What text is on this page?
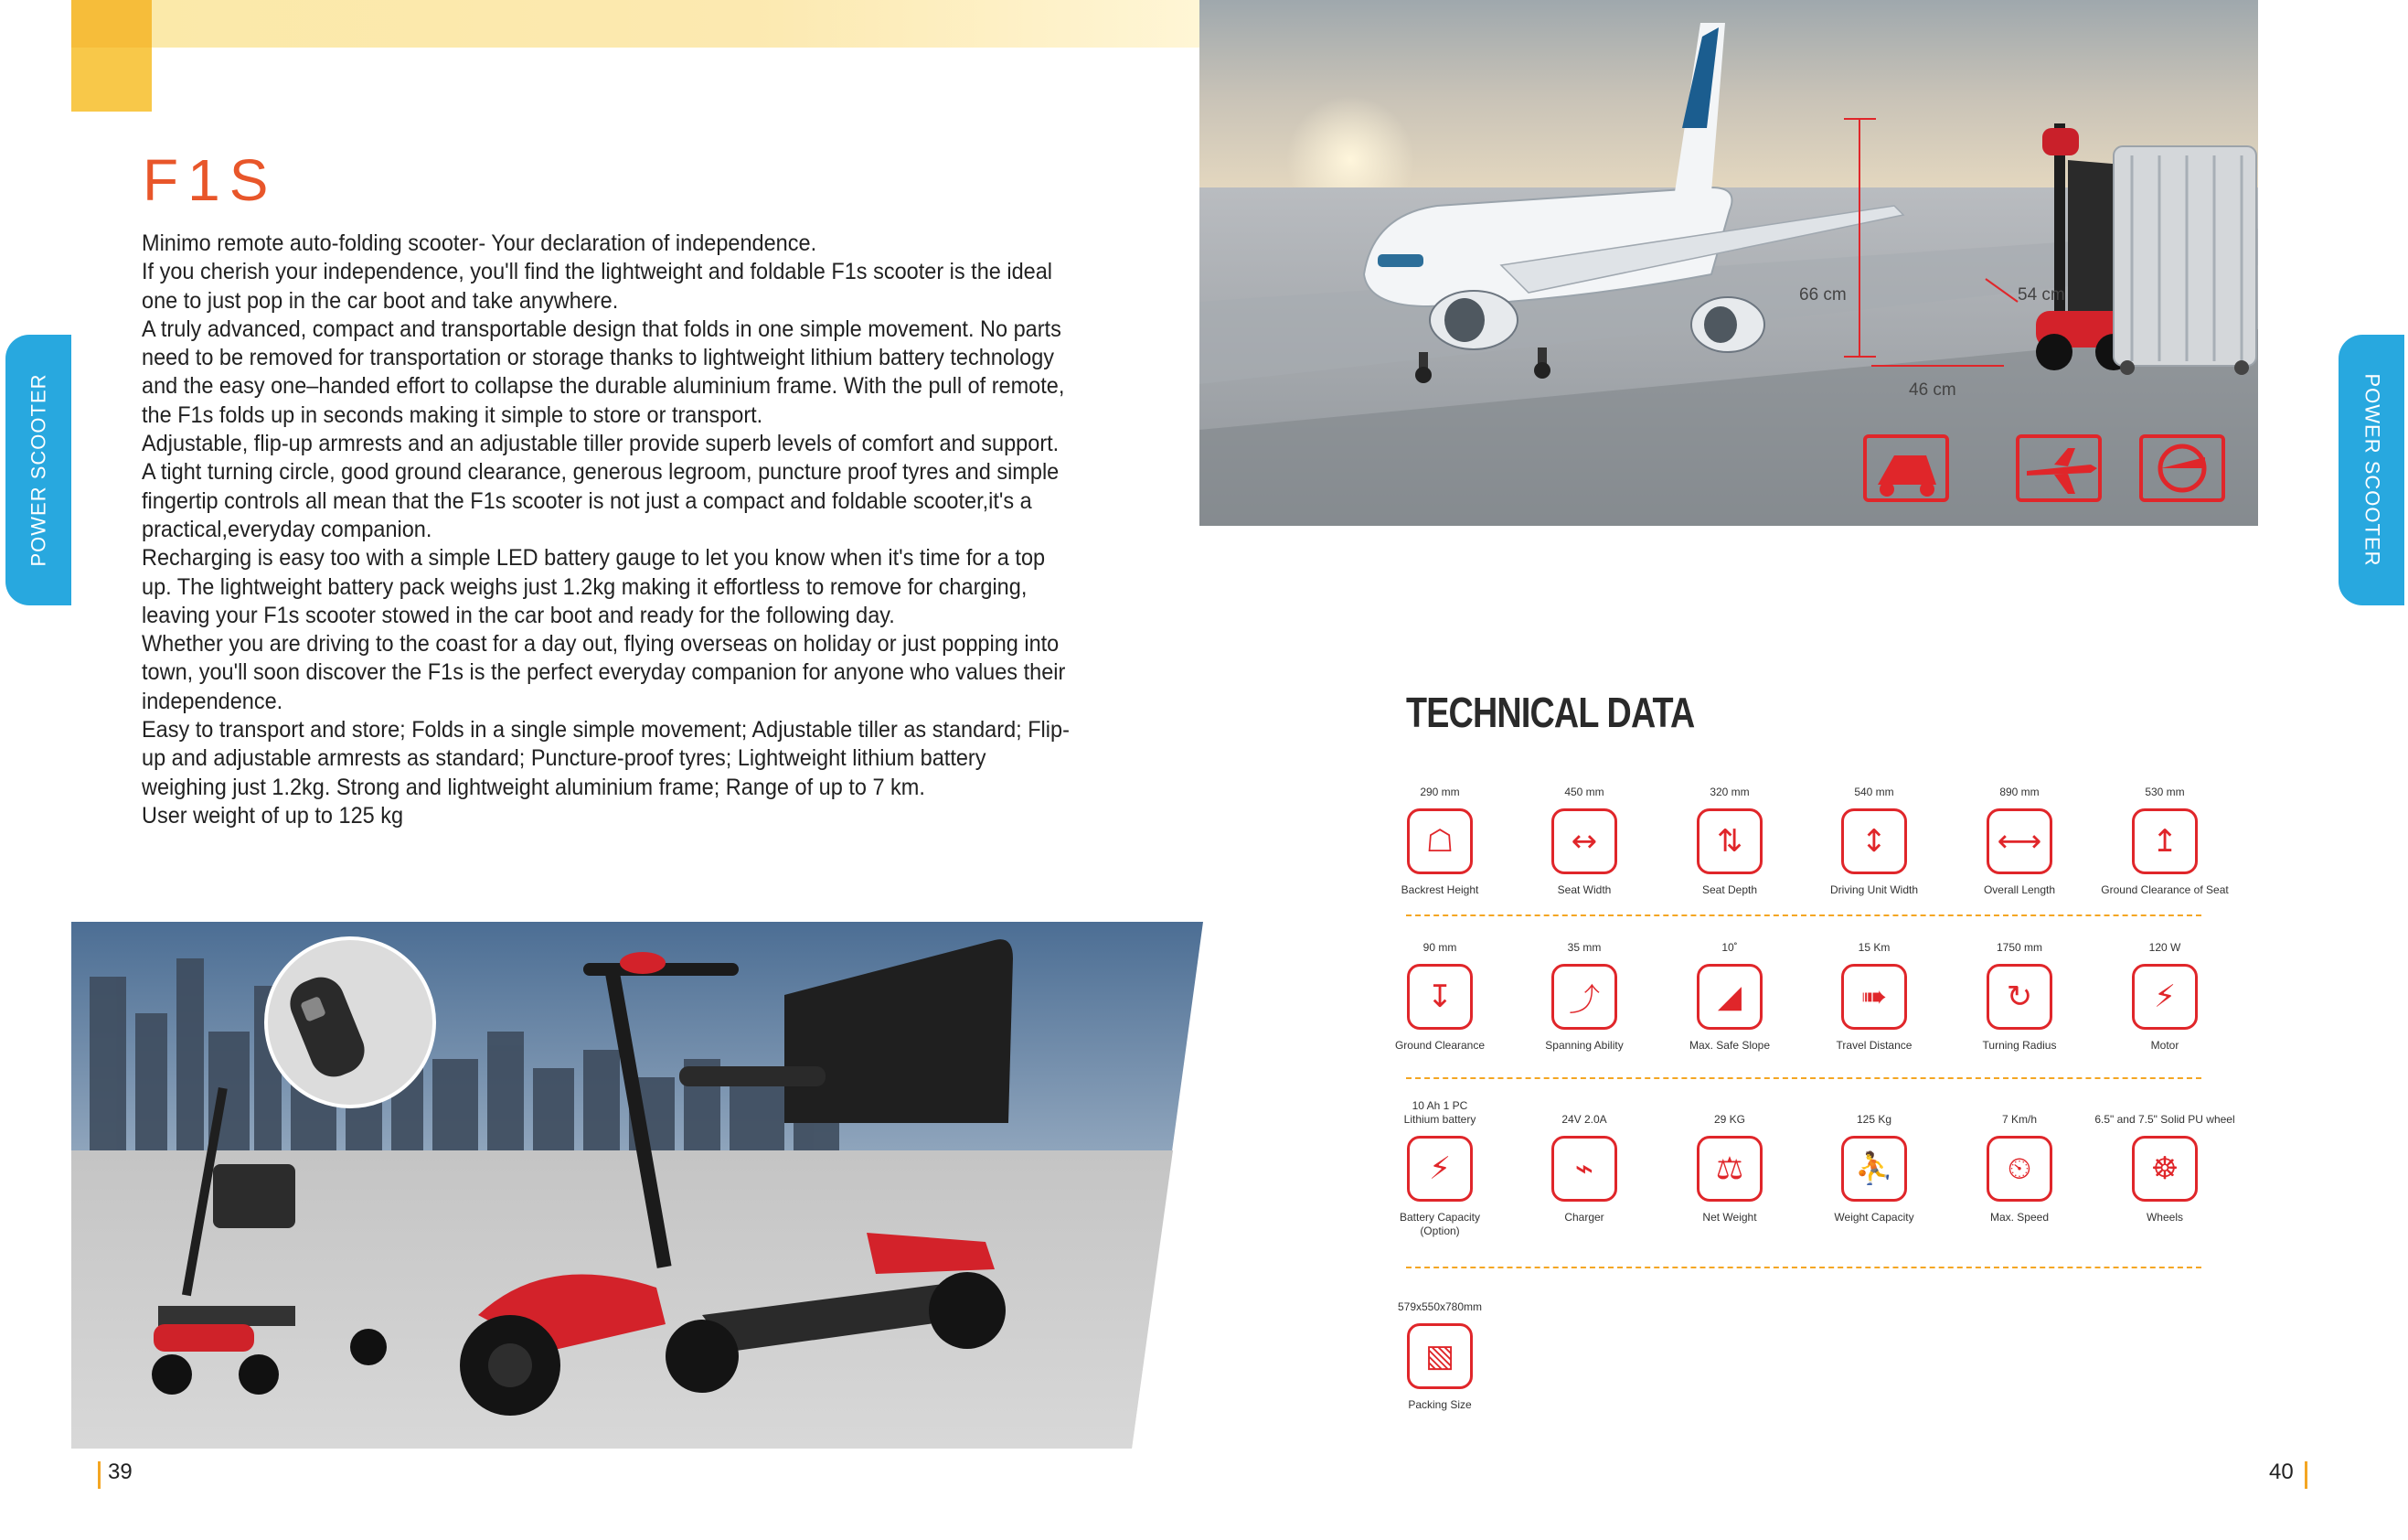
POWER SCOOTER	POWER SCOOTER
F1S

Minimo remote auto-folding scooter- Your declaration of independence.

If you cherish your independence, you'll find the lightweight and foldable F1s scooter is the ideal one to just pop in the car boot and take anywhere.

A truly advanced, compact and transportable design that folds in one simple movement. No parts need to be removed for transportation or storage thanks to lightweight lithium battery technology and the easy one–handed effort to collapse the durable aluminium frame. With the pull of remote, the F1s folds up in seconds making it simple to store or transport.

Adjustable, flip-up armrests and an adjustable tiller provide superb levels of comfort and support. A tight turning circle, good ground clearance, generous legroom, puncture proof tyres and simple fingertip controls all mean that the F1s scooter is not just a compact and foldable scooter,it's a practical,everyday companion.

Recharging is easy too with a simple LED battery gauge to let you know when it's time for a top up. The lightweight battery pack weighs just 1.2kg making it effortless to remove for charging, leaving your F1s scooter stowed in the car boot and ready for the following day.

Whether you are driving to the coast for a day out, flying overseas on holiday or just popping into town, you'll soon discover the F1s is the perfect everyday companion for anyone who values their independence.

Easy to transport and store; Folds in a single simple movement; Adjustable tiller as standard; Flip-up and adjustable armrests as standard; Puncture-proof tyres; Lightweight lithium battery weighing just 1.2kg. Strong and lightweight aluminium frame; Range of up to 7 km.

User weight of up to 125 kg

66 cm	54 cm
46 cm
TECHNICAL DATA
290 mm
☖
Backrest Height
450 mm
↔
Seat Width
320 mm
⇅
Seat Depth
540 mm
↕
Driving Unit Width
890 mm
⟷
Overall Length
530 mm
↥
Ground Clearance of Seat
90 mm
↧
Ground Clearance
35 mm
⤴
Spanning Ability
10˚
◢
Max. Safe Slope
15 Km
➠
Travel Distance
1750 mm
↻
Turning Radius
120 W
⚡
Motor
10 Ah 1 PC
Lithium battery
⚡
Battery Capacity
(Option)
24V 2.0A
⌁
Charger
29 KG
⚖
Net Weight
125 Kg
⛹
Weight Capacity
7 Km/h
⏲
Max. Speed
6.5" and 7.5" Solid PU wheel
☸
Wheels
579x550x780mm
▧
Packing Size
39	40
